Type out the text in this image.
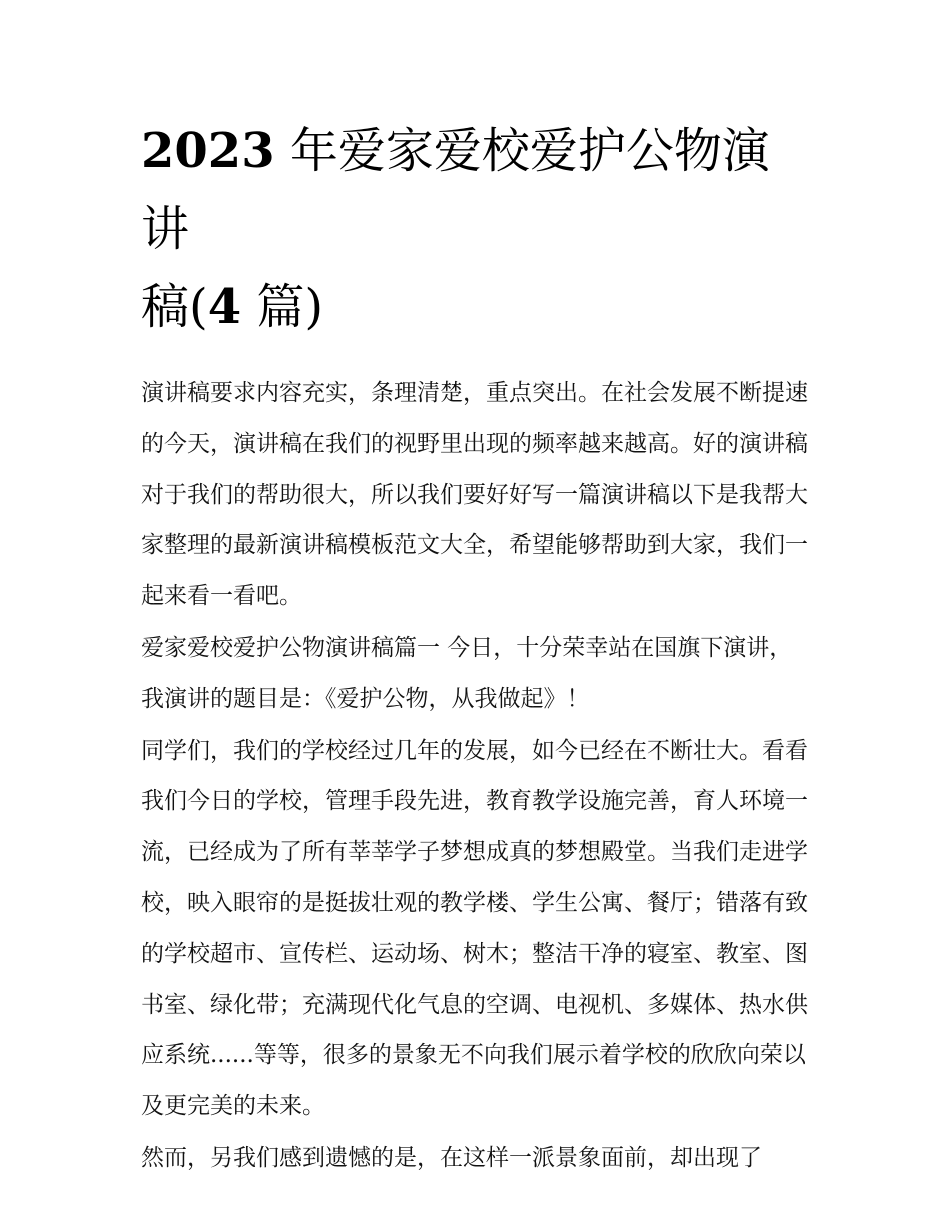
2023 年爱家爱校爱护公物演讲
稿(4 篇)

演讲稿要求内容充实，条理清楚，重点突出。在社会发展不断提速的今天，演讲稿在我们的视野里出现的频率越来越高。好的演讲稿对于我们的帮助很大，所以我们要好好写一篇演讲稿以下是我帮大家整理的最新演讲稿模板范文大全，希望能够帮助到大家，我们一起来看一看吧。

爱家爱校爱护公物演讲稿篇一 今日，十分荣幸站在国旗下演讲，我演讲的题目是：《爱护公物，从我做起》！

同学们，我们的学校经过几年的发展，如今已经在不断壮大。看看我们今日的学校，管理手段先进，教育教学设施完善，育人环境一流，已经成为了所有莘莘学子梦想成真的梦想殿堂。当我们走进学校，映入眼帘的是挺拔壮观的教学楼、学生公寓、餐厅；错落有致的学校超市、宣传栏、运动场、树木；整洁干净的寝室、教室、图书室、绿化带；充满现代化气息的空调、电视机、多媒体、热水供应系统......等等，很多的景象无不向我们展示着学校的欣欣向荣以及更完美的未来。

然而，另我们感到遗憾的是，在这样一派景象面前，却出现了
